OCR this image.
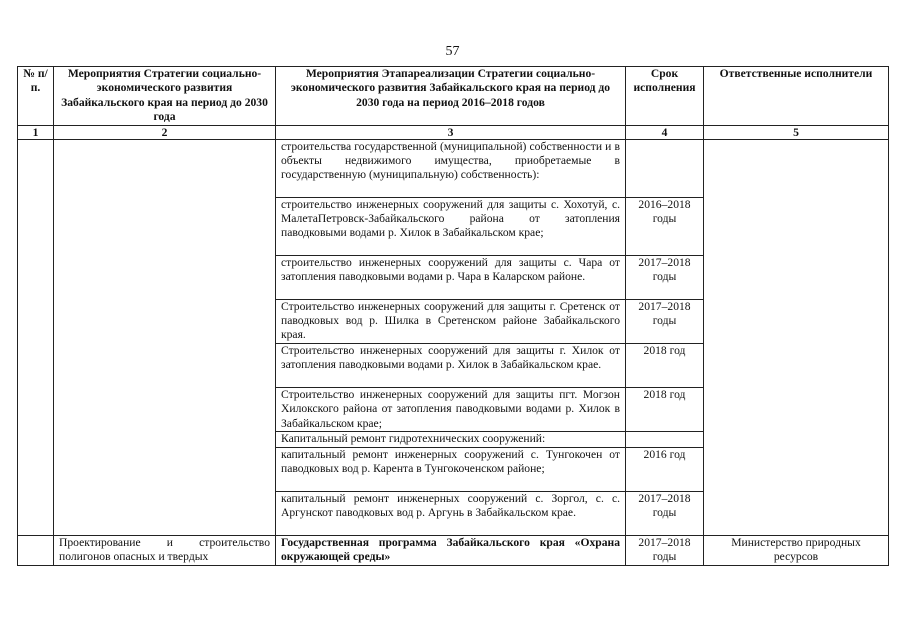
57
№ п/п.	Мероприятия Стратегии социально-экономического развития Забайкальского края на период до 2030 года	Мероприятия Этапареализации Стратегии социально-экономического развития Забайкальского края на период до 2030 года на период 2016–2018 годов	Срок исполнения	Ответственные исполнители
1	2	3	4	5
		строительства государственной (муниципальной) собственности и в объекты недвижимого имущества, приобретаемые в государственную (муниципальную) собственность):		
		строительство инженерных сооружений для защиты с. Хохотуй, с. МалетаПетровск-Забайкальского района от затопления паводковыми водами р. Хилок в Забайкальском крае;	2016–2018 годы	
		строительство инженерных сооружений для защиты с. Чара от затопления паводковыми водами р. Чара в Каларском районе.	2017–2018 годы	
		Строительство инженерных сооружений для защиты г. Сретенск от паводковых вод р. Шилка в Сретенском районе Забайкальского края.	2017–2018 годы	
		Строительство инженерных сооружений для защиты г. Хилок от затопления паводковыми водами р. Хилок в Забайкальском крае.	2018 год	
		Строительство инженерных сооружений для защиты пгт. Могзон Хилокского района от затопления паводковыми водами р. Хилок в Забайкальском крае;	2018 год	
		Капитальный ремонт гидротехнических сооружений:		
		капитальный ремонт инженерных сооружений с. Тунгокочен от паводковых вод р. Карента в Тунгокоченском районе;	2016 год	
		капитальный ремонт инженерных сооружений с. Зоргол, с. с. Аргунскот паводковых вод р. Аргунь в Забайкальском крае.	2017–2018 годы	
	Проектирование и строительство полигонов опасных и твердых	Государственная программа Забайкальского края «Охрана окружающей среды»	2017–2018 годы	Министерство природных ресурсов
